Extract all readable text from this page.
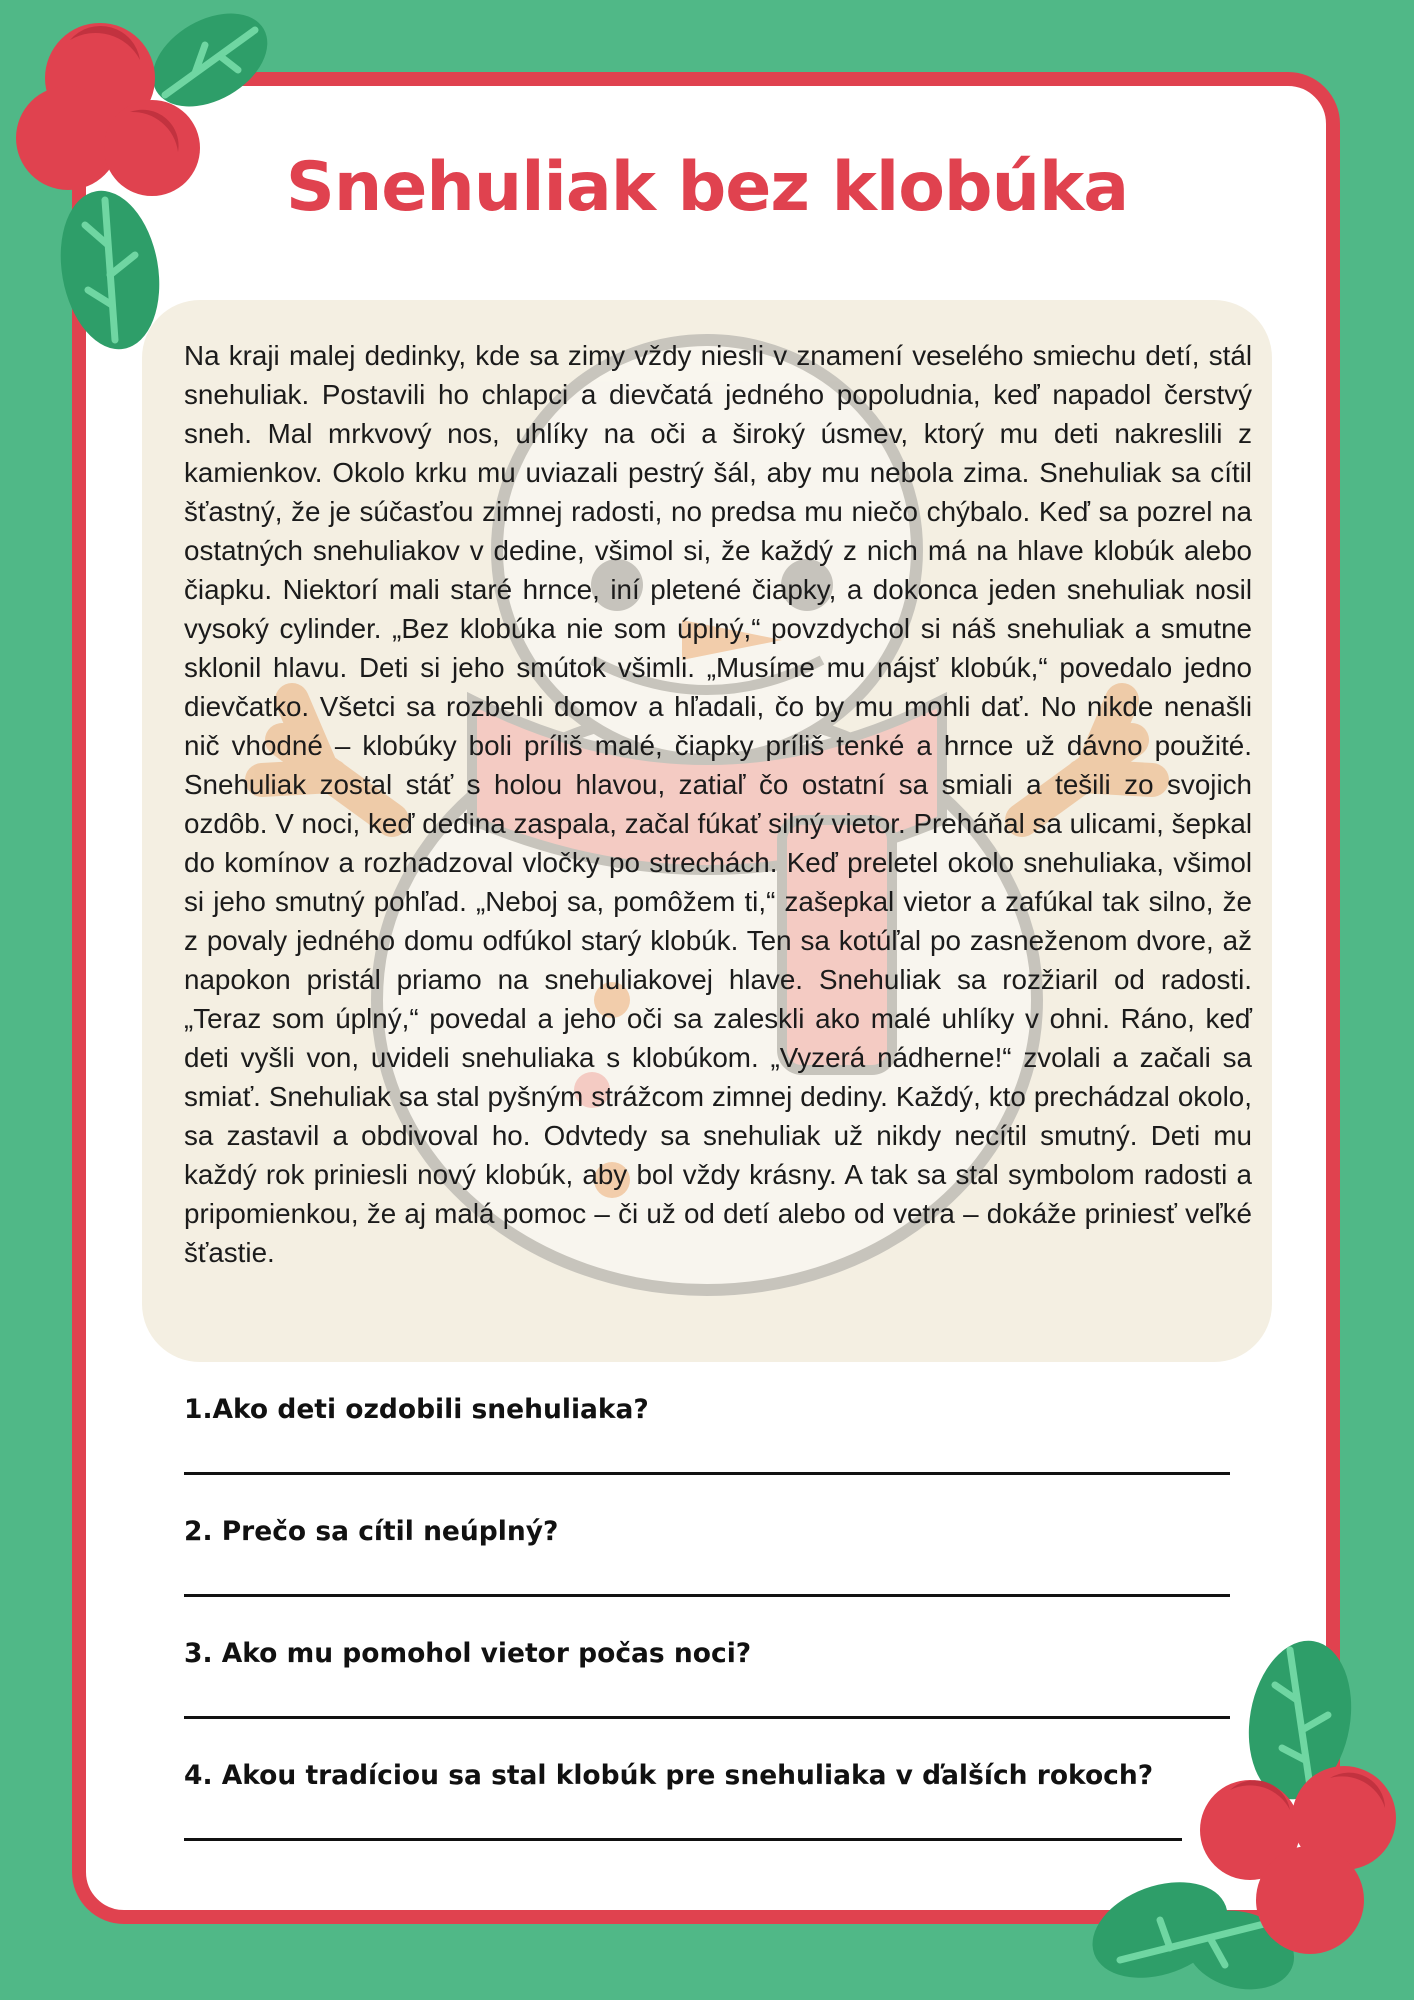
Snehuliak bez klobúka

Na kraji malej dedinky, kde sa zimy vždy niesli v znamení veselého smiechu detí, stál snehuliak. Postavili ho chlapci a dievčatá jedného popoludnia, keď napadol čerstvý sneh. Mal mrkvový nos, uhlíky na oči a široký úsmev, ktorý mu deti nakreslili z kamienkov. Okolo krku mu uviazali pestrý šál, aby mu nebola zima. Snehuliak sa cítil šťastný, že je súčasťou zimnej radosti, no predsa mu niečo chýbalo. Keď sa pozrel na ostatných snehuliakov v dedine, všimol si, že každý z nich má na hlave klobúk alebo čiapku. Niektorí mali staré hrnce, iní pletené čiapky, a dokonca jeden snehuliak nosil vysoký cylinder. „Bez klobúka nie som úplný,“ povzdychol si náš snehuliak a smutne sklonil hlavu. Deti si jeho smútok všimli. „Musíme mu nájsť klobúk,“ povedalo jedno dievčatko. Všetci sa rozbehli domov a hľadali, čo by mu mohli dať. No nikde nenašli nič vhodné – klobúky boli príliš malé, čiapky príliš tenké a hrnce už dávno použité. Snehuliak zostal stáť s holou hlavou, zatiaľ čo ostatní sa smiali a tešili zo svojich ozdôb. V noci, keď dedina zaspala, začal fúkať silný vietor. Preháňal sa ulicami, šepkal do komínov a rozhadzoval vločky po strechách. Keď preletel okolo snehuliaka, všimol si jeho smutný pohľad. „Neboj sa, pomôžem ti,“ zašepkal vietor a zafúkal tak silno, že z povaly jedného domu odfúkol starý klobúk. Ten sa kotúľal po zasneženom dvore, až napokon pristál priamo na snehuliakovej hlave. Snehuliak sa rozžiaril od radosti. „Teraz som úplný,“ povedal a jeho oči sa zaleskli ako malé uhlíky v ohni. Ráno, keď deti vyšli von, uvideli snehuliaka s klobúkom. „Vyzerá nádherne!“ zvolali a začali sa smiať. Snehuliak sa stal pyšným strážcom zimnej dediny. Každý, kto prechádzal okolo, sa zastavil a obdivoval ho. Odvtedy sa snehuliak už nikdy necítil smutný. Deti mu každý rok priniesli nový klobúk, aby bol vždy krásny. A tak sa stal symbolom radosti a pripomienkou, že aj malá pomoc – či už od detí alebo od vetra – dokáže priniesť veľké šťastie.

1.Ako deti ozdobili snehuliaka?
2. Prečo sa cítil neúplný?
3. Ako mu pomohol vietor počas noci?
4. Akou tradíciou sa stal klobúk pre snehuliaka v ďalších rokoch?
